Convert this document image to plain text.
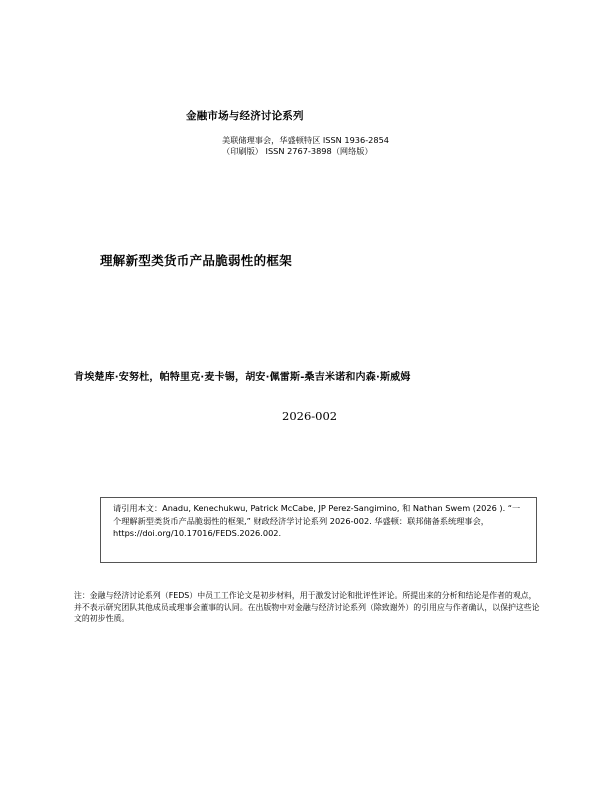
金融市场与经济讨论系列
美联储理事会，华盛顿特区 ISSN 1936-2854
（印刷版） ISSN 2767-3898（网络版）
理解新型类货币产品脆弱性的框架
肯埃楚库·安努杜，帕特里克·麦卡锡，胡安·佩雷斯-桑吉米诺和内森·斯威姆
2026-002
请引用本文：Anadu, Kenechukwu, Patrick McCabe, JP Perez-Sangimino, 和 Nathan Swem (2026 ). “一个理解新型类货币产品脆弱性的框架,” 财政经济学讨论系列 2026-002. 华盛顿：联邦储备系统理事会，https://doi.org/10.17016/FEDS.2026.002.
注：金融与经济讨论系列（FEDS）中员工工作论文是初步材料，用于激发讨论和批评性评论。所提出来的分析和结论是作者的观点，并不表示研究团队其他成员或理事会董事的认同。在出版物中对金融与经济讨论系列（除致谢外）的引用应与作者确认，以保护这些论文的初步性质。
